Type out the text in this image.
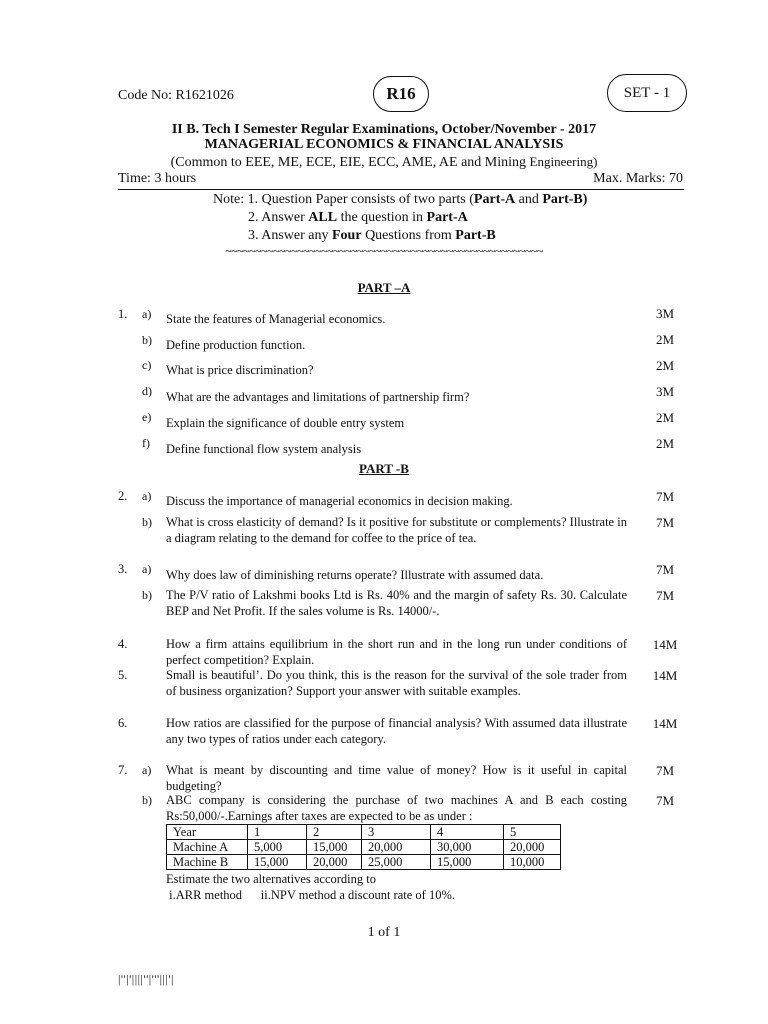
Code No: R1621026	R16	SET - 1
II B. Tech I Semester Regular Examinations, October/November - 2017
MANAGERIAL ECONOMICS & FINANCIAL ANALYSIS
(Common to EEE, ME, ECE, EIE, ECC, AME, AE and Mining Engineering)
Time: 3 hours	Max. Marks: 70
Note: 1. Question Paper consists of two parts (Part-A and Part-B)
2. Answer ALL the question in Part-A
3. Answer any Four Questions from Part-B
~~~~~~~~~~~~~~~~~~~~~~~~~~~~~~~~~~~~~~~~~~~~~~~~~~~~~
PART –A
1. a) State the features of Managerial economics.	3M
b) Define production function.	2M
c) What is price discrimination?	2M
d) What are the advantages and limitations of partnership firm?	3M
e) Explain the significance of double entry system	2M
f) Define functional flow system analysis	2M
PART -B
2. a) Discuss the importance of managerial economics in decision making.	7M
b) What is cross elasticity of demand? Is it positive for substitute or complements? Illustrate in a diagram relating to the demand for coffee to the price of tea.
7M
3. a) Why does law of diminishing returns operate? Illustrate with assumed data.	7M
b) The P/V ratio of Lakshmi books Ltd is Rs. 40% and the margin of safety Rs. 30. Calculate BEP and Net Profit. If the sales volume is Rs. 14000/-.
7M
4.	How a firm attains equilibrium in the short run and in the long run under conditions of perfect competition? Explain.
14M
5.	Small is beautiful’. Do you think, this is the reason for the survival of the sole trader from of business organization? Support your answer with suitable examples.
14M
6.	How ratios are classified for the purpose of financial analysis? With assumed data illustrate any two types of ratios under each category.
14M
7. a) What is meant by discounting and time value of money? How is it useful in capital budgeting?
7M
b) ABC company is considering the purchase of two machines A and B each costing Rs:50,000/-.Earnings after taxes are expected to be as under :
7M
Year	1	2	3	4	5
Machine A	5,000	15,000	20,000	30,000	20,000
Machine B	15,000	20,000	25,000	15,000	10,000
Estimate the two alternatives according to
i.ARR method      ii.NPV method a discount rate of 10%.
1 of 1
|''|'||||''|'''|||'|
